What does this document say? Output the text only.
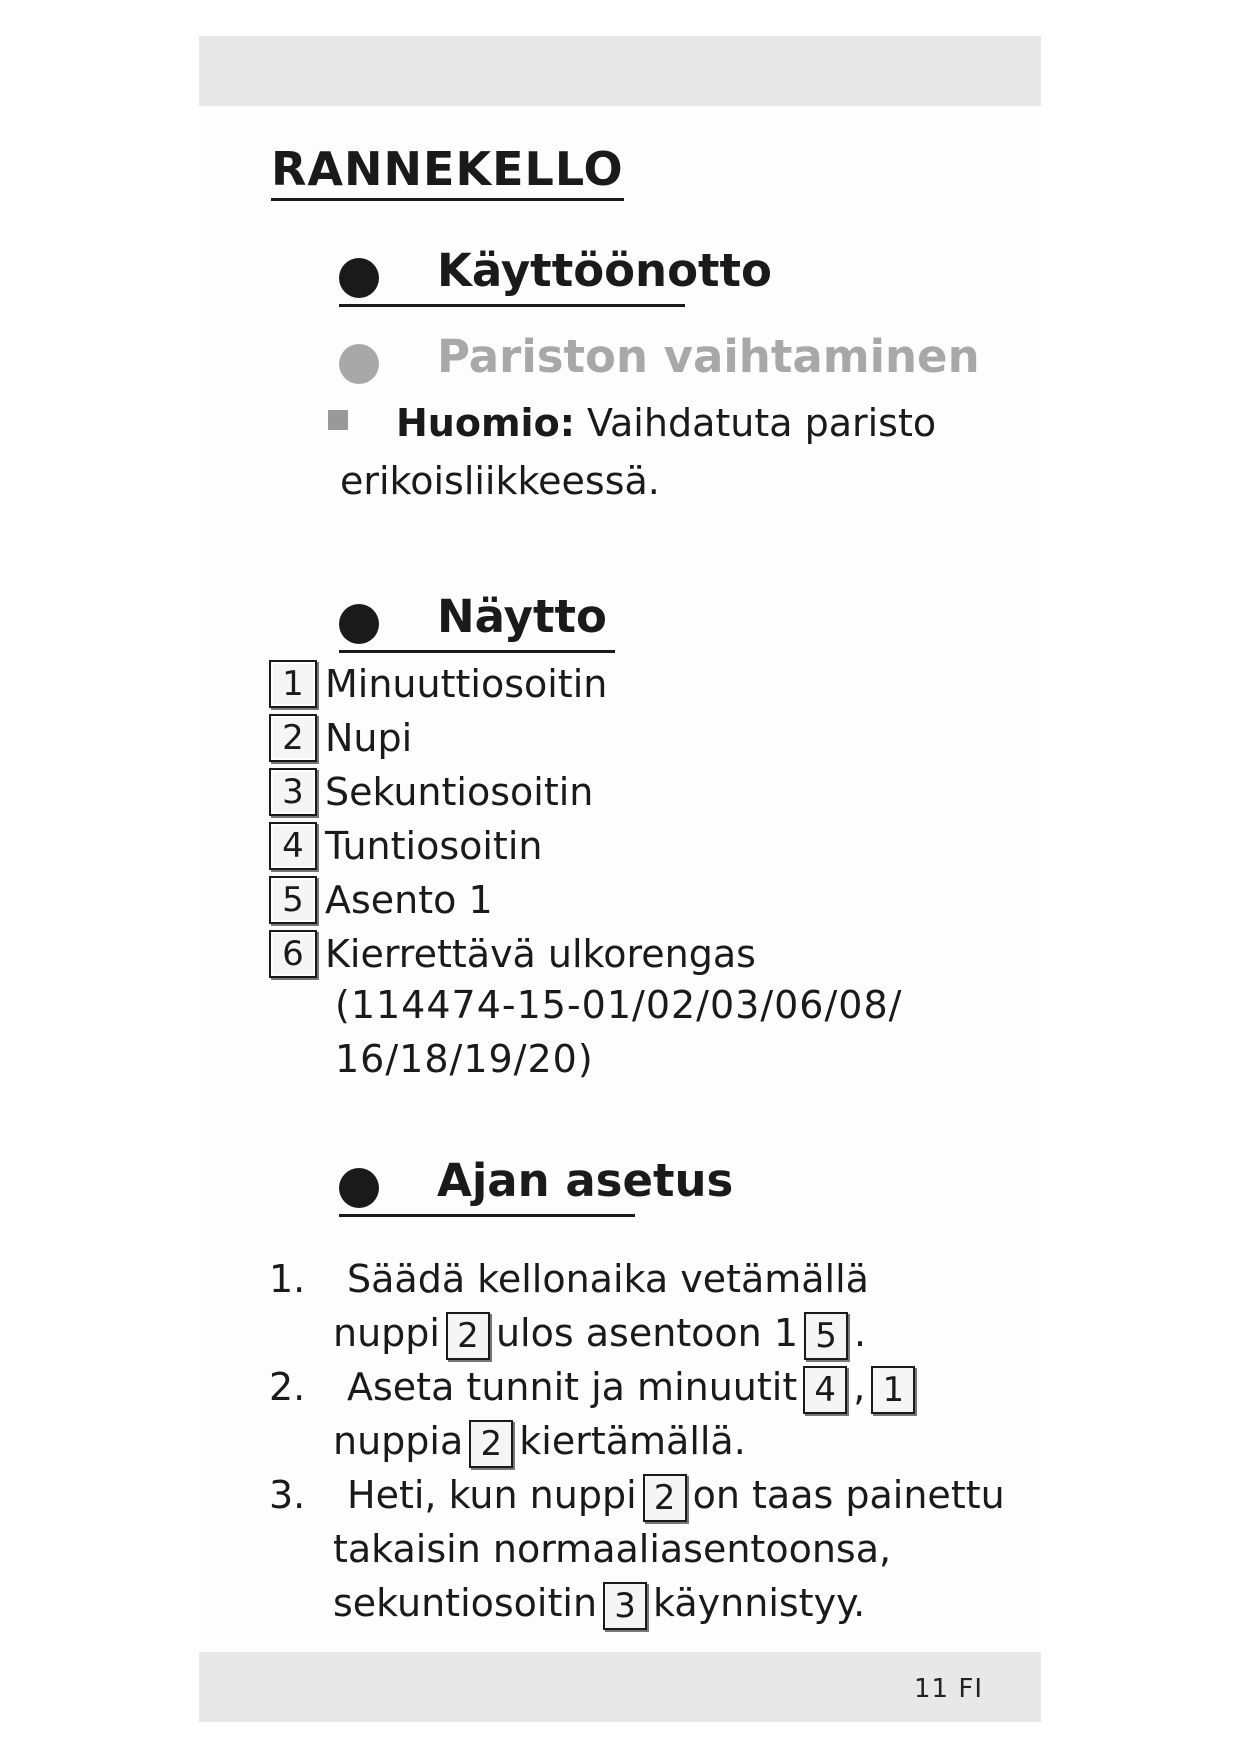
RANNEKELLO
Käyttöönotto
Pariston vaihtaminen
Huomio: Vaihdatuta paristo
erikoisliikkeessä.
Näytto
1 Minuuttiosoitin
2 Nupi
3 Sekuntiosoitin
4 Tuntiosoitin
5 Asento 1
6 Kierrettävä ulkorengas
(114474-15-01/02/03/06/08/
16/18/19/20)
Ajan asetus
1.	Säädä kellonaika vetämällä
nuppi 2 ulos asentoon 1 5 .
2.	Aseta tunnit ja minuutit 4 , 1
nuppia 2 kiertämällä.
3.	Heti, kun nuppi 2 on taas painettu
takaisin normaaliasentoonsa,
sekuntiosoitin 3 käynnistyy.
11 FI
